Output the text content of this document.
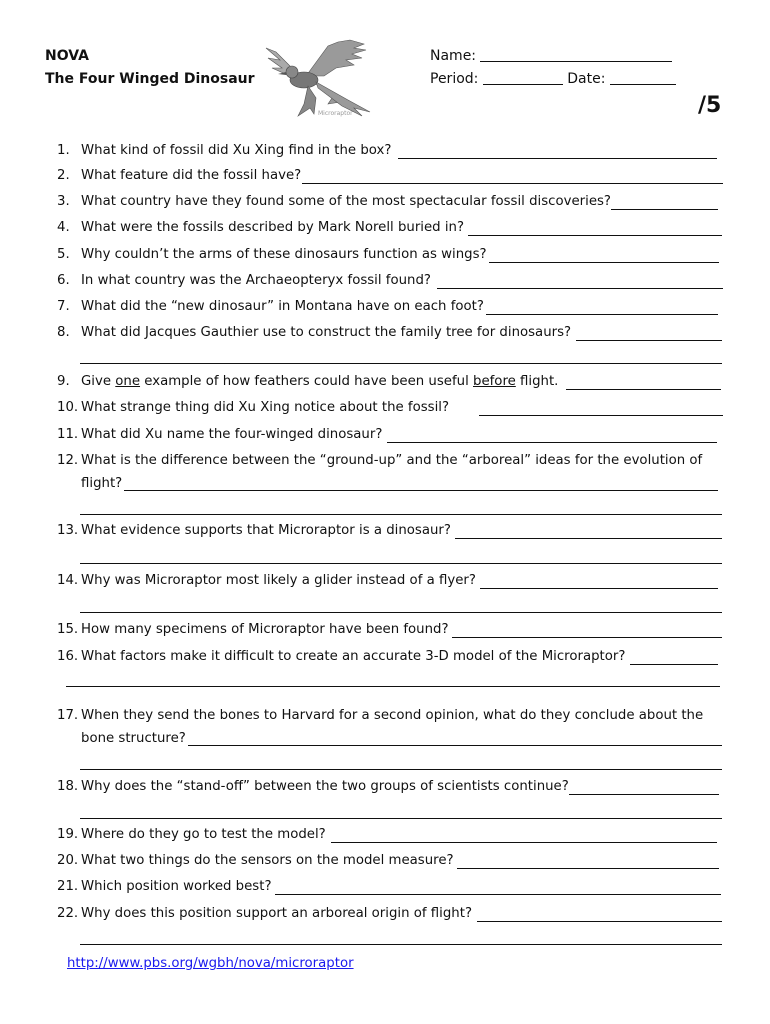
NOVA
The Four Winged Dinosaur
Microraptor
Name:
Period:	Date:
/5
1. What kind of fossil did Xu Xing find in the box?
2. What feature did the fossil have?
3. What country have they found some of the most spectacular fossil discoveries?
4. What were the fossils described by Mark Norell buried in?
5. Why couldn’t the arms of these dinosaurs function as wings?
6. In what country was the Archaeopteryx fossil found?
7. What did the “new dinosaur” in Montana have on each foot?
8. What did Jacques Gauthier use to construct the family tree for dinosaurs?
9. Give one example of how feathers could have been useful before flight.
10. What strange thing did Xu Xing notice about the fossil?
11. What did Xu name the four-winged dinosaur?
12. What is the difference between the “ground-up” and the “arboreal” ideas for the evolution of
flight?
13. What evidence supports that Microraptor is a dinosaur?
14. Why was Microraptor most likely a glider instead of a flyer?
15. How many specimens of Microraptor have been found?
16. What factors make it difficult to create an accurate 3-D model of the Microraptor?
17. When they send the bones to Harvard for a second opinion, what do they conclude about the
bone structure?
18. Why does the “stand-off” between the two groups of scientists continue?
19. Where do they go to test the model?
20. What two things do the sensors on the model measure?
21. Which position worked best?
22. Why does this position support an arboreal origin of flight?
http://www.pbs.org/wgbh/nova/microraptor
